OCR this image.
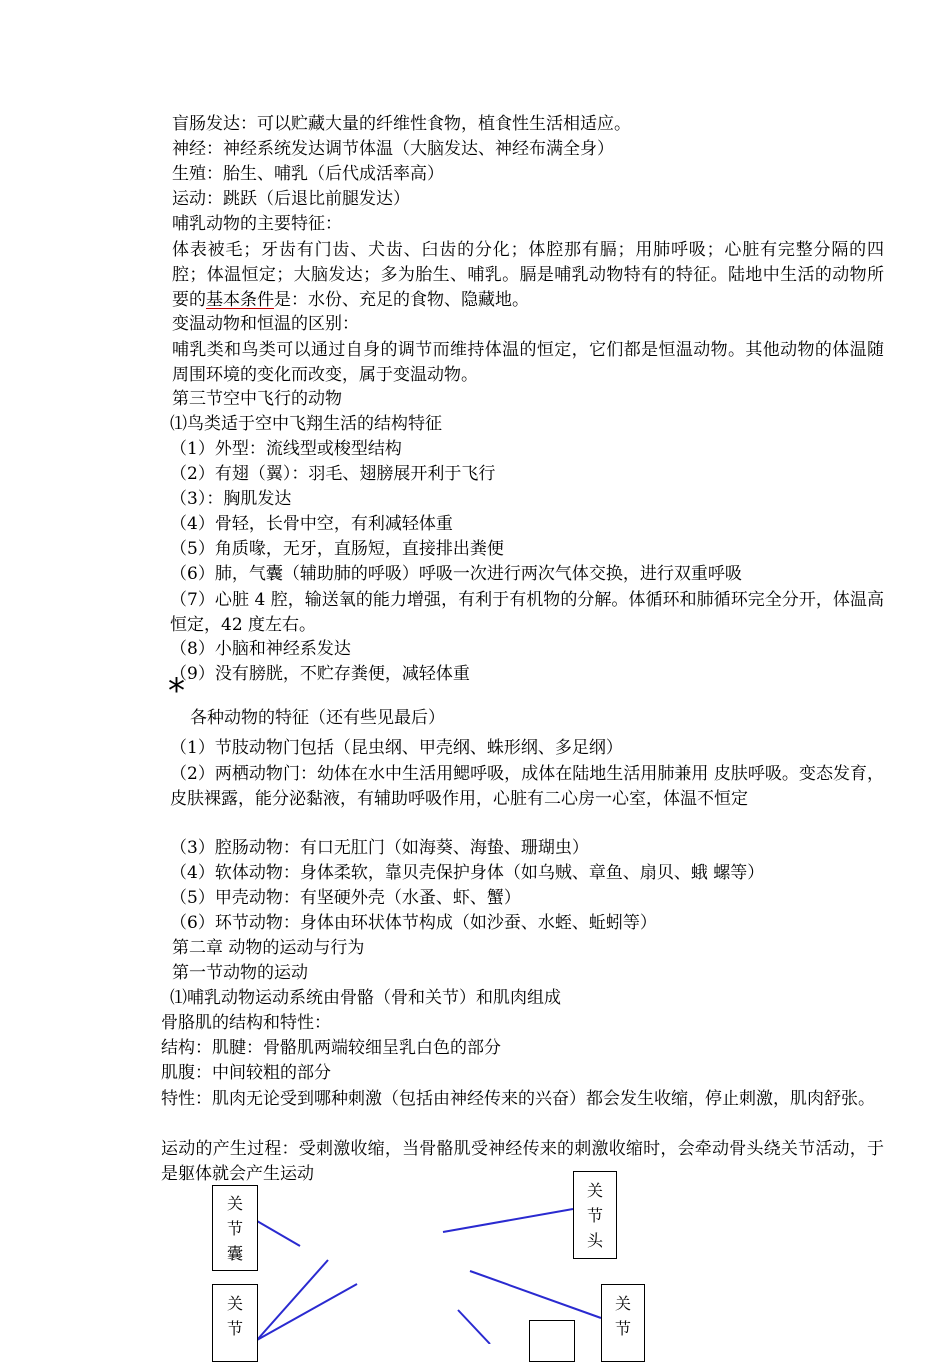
盲肠发达：可以贮藏大量的纤维性食物，植食性生活相适应。
神经：神经系统发达调节体温（大脑发达、神经布满全身）
生殖：胎生、哺乳（后代成活率高）
运动：跳跃（后退比前腿发达）
哺乳动物的主要特征：
体表被毛；牙齿有门齿、犬齿、臼齿的分化；体腔那有膈；用肺呼吸；心脏有完整分隔的四腔；体温恒定；大脑发达；多为胎生、哺乳。膈是哺乳动物特有的特征。陆地中生活的动物所要的基本条件是：水份、充足的食物、隐藏地。
变温动物和恒温的区别：
哺乳类和鸟类可以通过自身的调节而维持体温的恒定，它们都是恒温动物。其他动物的体温随周围环境的变化而改变，属于变温动物。
第三节空中飞行的动物
⑴鸟类适于空中飞翔生活的结构特征
（1）外型：流线型或梭型结构
（2）有翅（翼）：羽毛、翅膀展开利于飞行
（3）：胸肌发达
（4）骨轻，长骨中空，有利减轻体重
（5）角质喙，无牙，直肠短，直接排出粪便
（6）肺，气囊（辅助肺的呼吸）呼吸一次进行两次气体交换，进行双重呼吸
（7）心脏 4 腔，输送氧的能力增强，有利于有机物的分解。体循环和肺循环完全分开，体温高恒定，42 度左右。
（8）小脑和神经系发达
（9）没有膀胱，不贮存粪便，减轻体重
*
各种动物的特征（还有些见最后）
（1）节肢动物门包括（昆虫纲、甲壳纲、蛛形纲、多足纲）
（2）两栖动物门：幼体在水中生活用鳃呼吸，成体在陆地生活用肺兼用 皮肤呼吸。变态发育，皮肤裸露，能分泌黏液，有辅助呼吸作用，心脏有二心房一心室，体温不恒定
（3）腔肠动物：有口无肛门（如海葵、海蛰、珊瑚虫）
（4）软体动物：身体柔软，靠贝壳保护身体（如乌贼、章鱼、扇贝、蛾 螺等）
（5）甲壳动物：有坚硬外壳（水蚤、虾、蟹）
（6）环节动物：身体由环状体节构成（如沙蚕、水蛭、蚯蚓等）
第二章 动物的运动与行为
第一节动物的运动
⑴哺乳动物运动系统由骨骼（骨和关节）和肌肉组成
骨胳肌的结构和特性：
结构：肌腱：骨骼肌两端较细呈乳白色的部分
肌腹：中间较粗的部分
特性：肌肉无论受到哪种刺激（包括由神经传来的兴奋）都会发生收缩，停止刺激，肌肉舒张。
运动的产生过程：受刺激收缩，当骨骼肌受神经传来的刺激收缩时，会牵动骨头绕关节活动，于是躯体就会产生运动
关
节
囊
关
节
关
节
头
关
节
